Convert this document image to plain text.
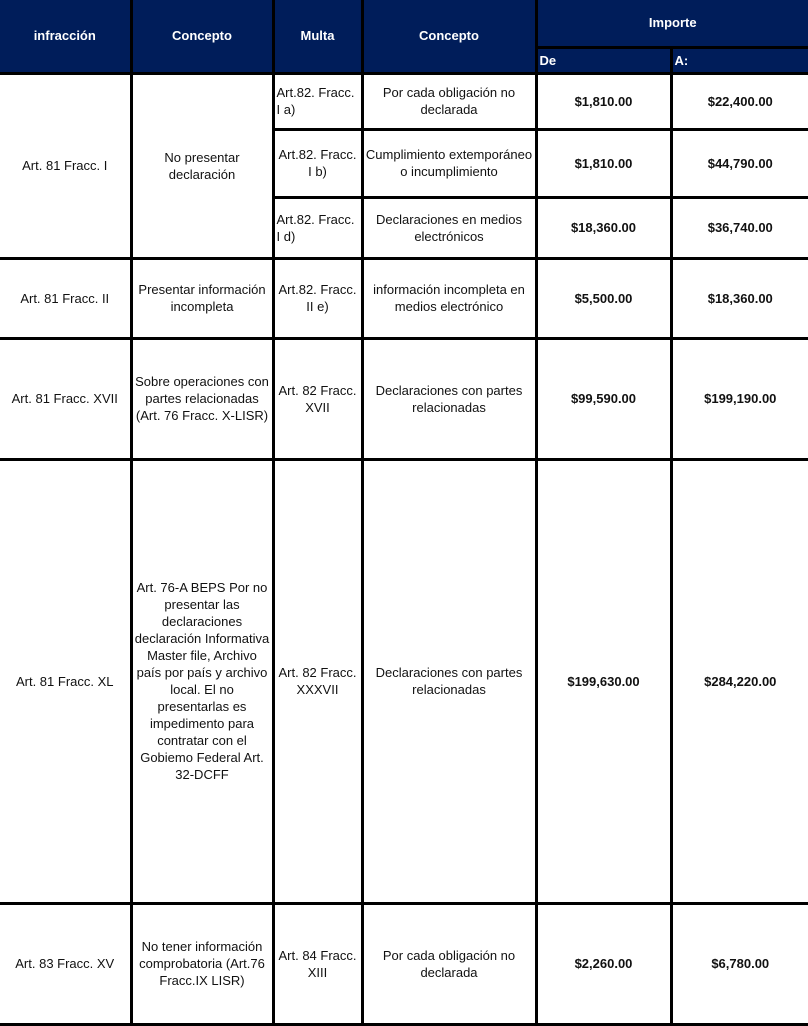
infracción	Concepto	Multa	Concepto	Importe	
				De	A:
Art. 81 Fracc. I	No presentar declaración	Art.82. Fracc. I a)	Por cada obligación no declarada	$1,810.00	$22,400.00
		Art.82. Fracc. I b)	Cumplimiento extemporáneo o incumplimiento	$1,810.00	$44,790.00
		Art.82. Fracc. I d)	Declaraciones en medios electrónicos	$18,360.00	$36,740.00
Art. 81 Fracc. II	Presentar información incompleta	Art.82. Fracc. II e)	información incompleta en medios electrónico	$5,500.00	$18,360.00
Art. 81 Fracc. XVII	Sobre operaciones con partes relacionadas (Art. 76 Fracc. X-LISR)	Art. 82 Fracc. XVII	Declaraciones con partes relacionadas	$99,590.00	$199,190.00
Art. 81 Fracc. XL	Art. 76-A BEPS Por no presentar las declaraciones declaración Informativa Master file, Archivo país por país y archivo local. El no presentarlas es impedimento para contratar con el Gobiemo Federal Art. 32-DCFF	Art. 82 Fracc. XXXVII	Declaraciones con partes relacionadas	$199,630.00	$284,220.00
Art. 83 Fracc. XV	No tener información comprobatoria (Art.76 Fracc.IX LISR)	Art. 84 Fracc. XIII	Por cada obligación no declarada	$2,260.00	$6,780.00
